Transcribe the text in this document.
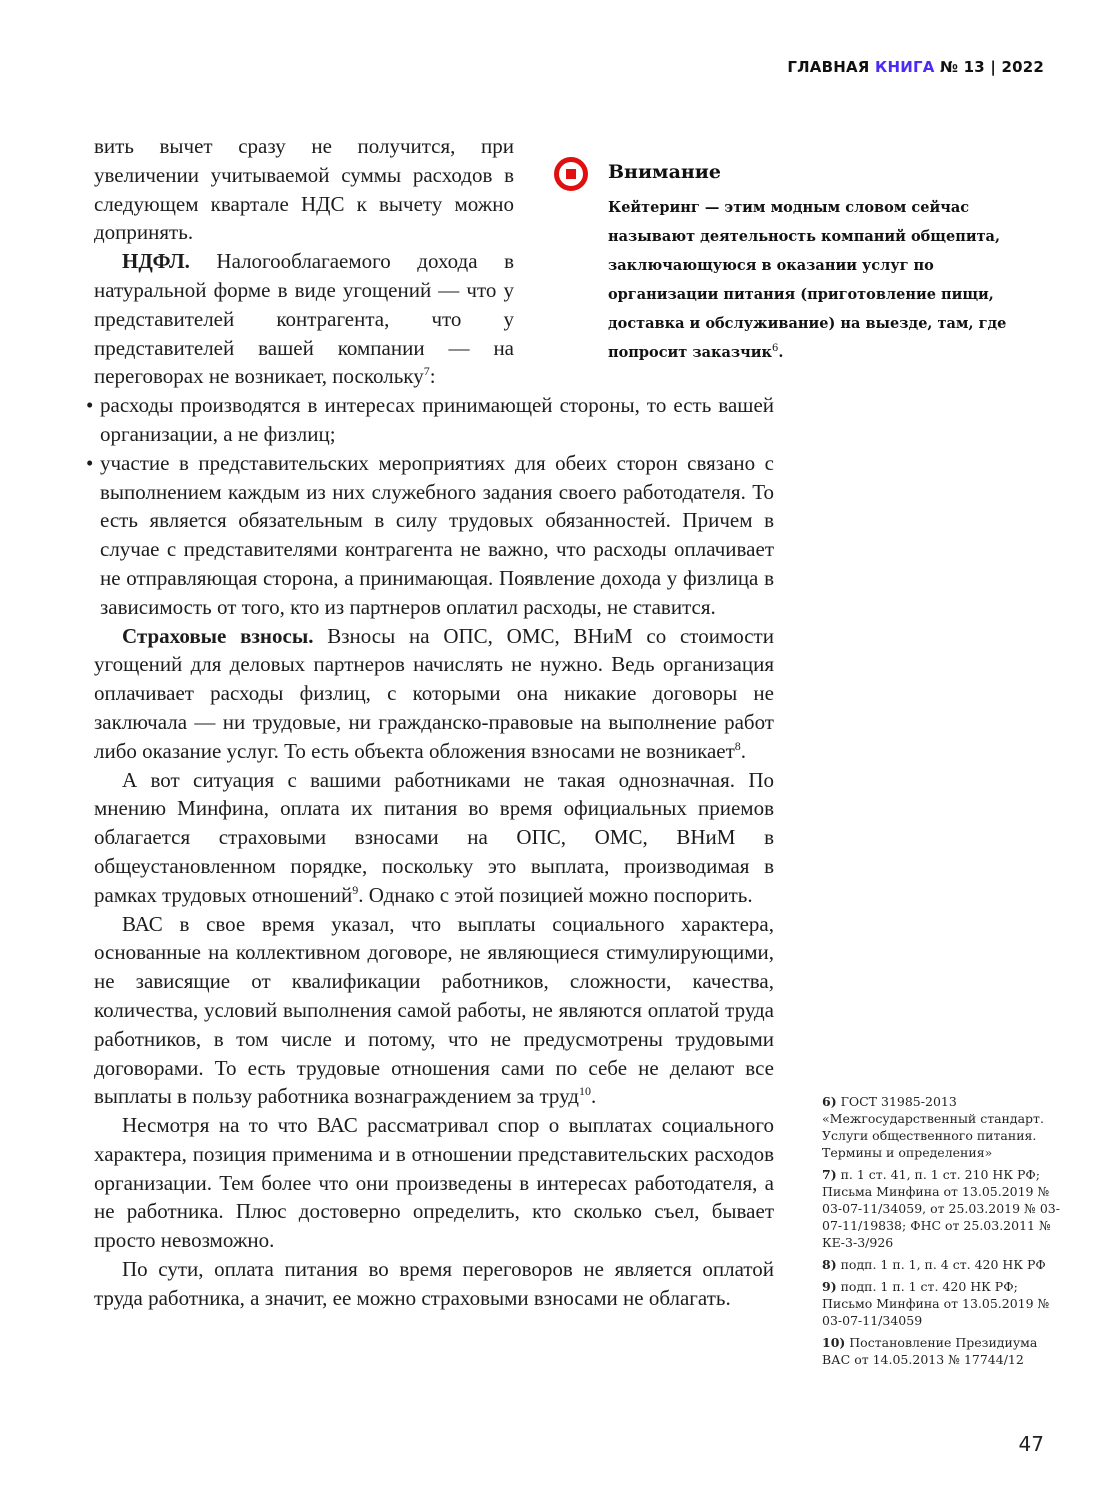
ГЛАВНАЯ КНИГА № 13 | 2022

вить вычет сразу не получится, при увеличении учитываемой суммы расходов в следующем квартале НДС к вычету можно допринять.

НДФЛ. Налогооблагаемого дохода в натуральной форме в виде угощений — что у представителей контрагента, что у представителей вашей компании — на переговорах не возникает, поскольку$^7$:

• расходы производятся в интересах принимающей стороны, то есть вашей организации, а не физлиц;
• участие в представительских мероприятиях для обеих сторон связано с выполнением каждым из них служебного задания своего работодателя. То есть является обязательным в силу трудовых обязанностей. Причем в случае с представителями контрагента не важно, что расходы оплачивает не отправляющая сторона, а принимающая. Появление дохода у физлица в зависимость от того, кто из партнеров оплатил расходы, не ставится.

Страховые взносы. Взносы на ОПС, ОМС, ВНиМ со стоимости угощений для деловых партнеров начислять не нужно. Ведь организация оплачивает расходы физлиц, с которыми она никакие договоры не заключала — ни трудовые, ни гражданско-правовые на выполнение работ либо оказание услуг. То есть объекта обложения взносами не возникает$^8$.

А вот ситуация с вашими работниками не такая однозначная. По мнению Минфина, оплата их питания во время официальных приемов облагается страховыми взносами на ОПС, ОМС, ВНиМ в общеустановленном порядке, поскольку это выплата, производимая в рамках трудовых отношений$^9$. Однако с этой позицией можно поспорить.

ВАС в свое время указал, что выплаты социального характера, основанные на коллективном договоре, не являющиеся стимулирующими, не зависящие от квалификации работников, сложности, качества, количества, условий выполнения самой работы, не являются оплатой труда работников, в том числе и потому, что не предусмотрены трудовыми договорами. То есть трудовые отношения сами по себе не делают все выплаты в пользу работника вознаграждением за труд$^{10}$.

Несмотря на то что ВАС рассматривал спор о выплатах социального характера, позиция применима и в отношении представительских расходов организации. Тем более что они произведены в интересах работодателя, а не работника. Плюс достоверно определить, кто сколько съел, бывает просто невозможно.

По сути, оплата питания во время переговоров не является оплатой труда работника, а значит, ее можно страховыми взносами не облагать.

Внимание
Кейтеринг — этим модным словом сейчас называют деятельность компаний общепита, заключающуюся в оказании услуг по организации питания (приготовление пищи, доставка и обслуживание) на выезде, там, где попросит заказчик$^6$.
6) ГОСТ 31985-2013 «Межгосударственный стандарт. Услуги общественного питания. Термины и определения»
7) п. 1 ст. 41, п. 1 ст. 210 НК РФ; Письма Минфина от 13.05.2019 № 03-07-11/34059, от 25.03.2019 № 03-07-11/19838; ФНС от 25.03.2011 № КЕ-3-3/926
8) подп. 1 п. 1, п. 4 ст. 420 НК РФ
9) подп. 1 п. 1 ст. 420 НК РФ; Письмо Минфина от 13.05.2019 № 03-07-11/34059
10) Постановление Президиума ВАС от 14.05.2013 № 17744/12
47
